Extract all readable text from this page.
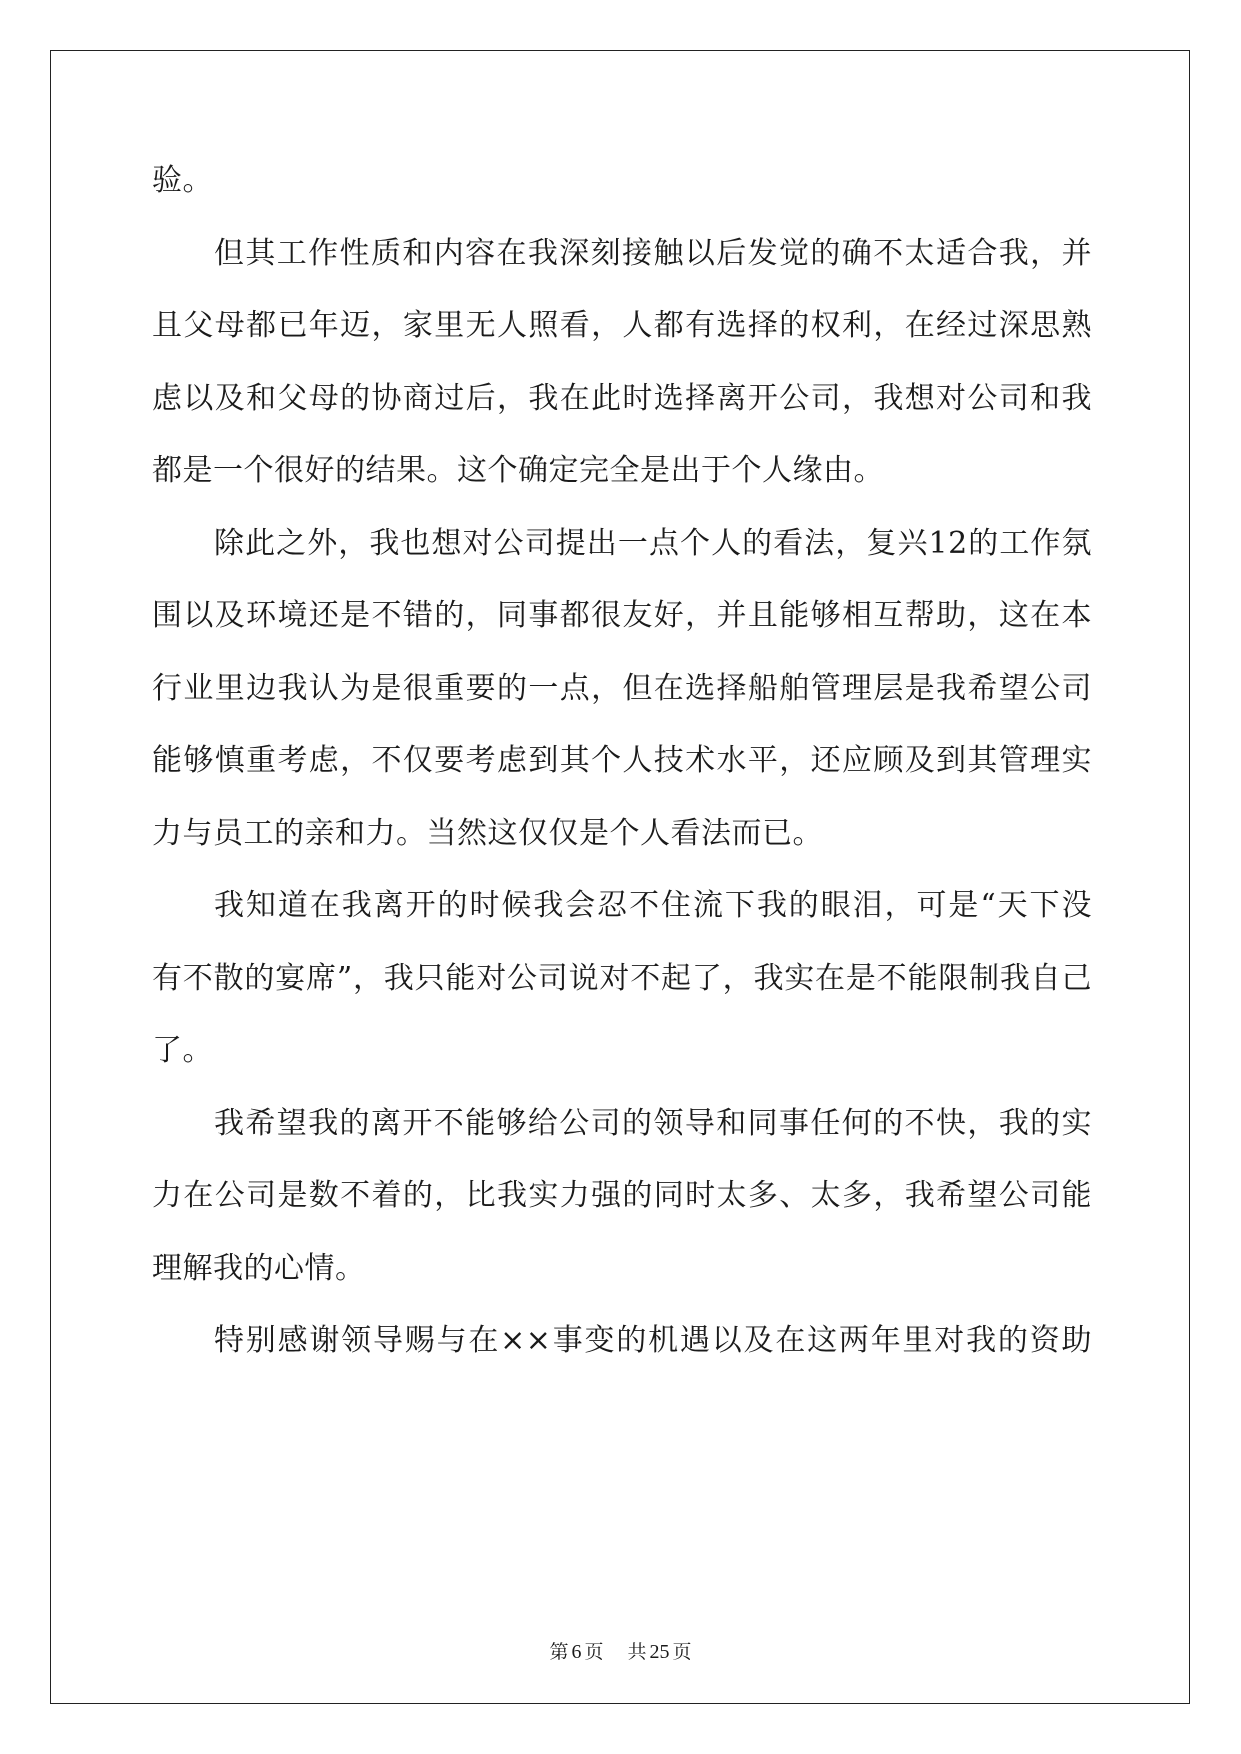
验。
但其工作性质和内容在我深刻接触以后发觉的确不太适合我，并
且父母都已年迈，家里无人照看，人都有选择的权利，在经过深思熟
虑以及和父母的协商过后，我在此时选择离开公司，我想对公司和我
都是一个很好的结果。这个确定完全是出于个人缘由。
除此之外，我也想对公司提出一点个人的看法，复兴12的工作氛
围以及环境还是不错的，同事都很友好，并且能够相互帮助，这在本
行业里边我认为是很重要的一点，但在选择船舶管理层是我希望公司
能够慎重考虑，不仅要考虑到其个人技术水平，还应顾及到其管理实
力与员工的亲和力。当然这仅仅是个人看法而已。
我知道在我离开的时候我会忍不住流下我的眼泪，可是“天下没
有不散的宴席”，我只能对公司说对不起了，我实在是不能限制我自己
了。
我希望我的离开不能够给公司的领导和同事任何的不快，我的实
力在公司是数不着的，比我实力强的同时太多、太多，我希望公司能
理解我的心情。
特别感谢领导赐与在××事变的机遇以及在这两年里对我的资助
第 6 页 共 25 页
